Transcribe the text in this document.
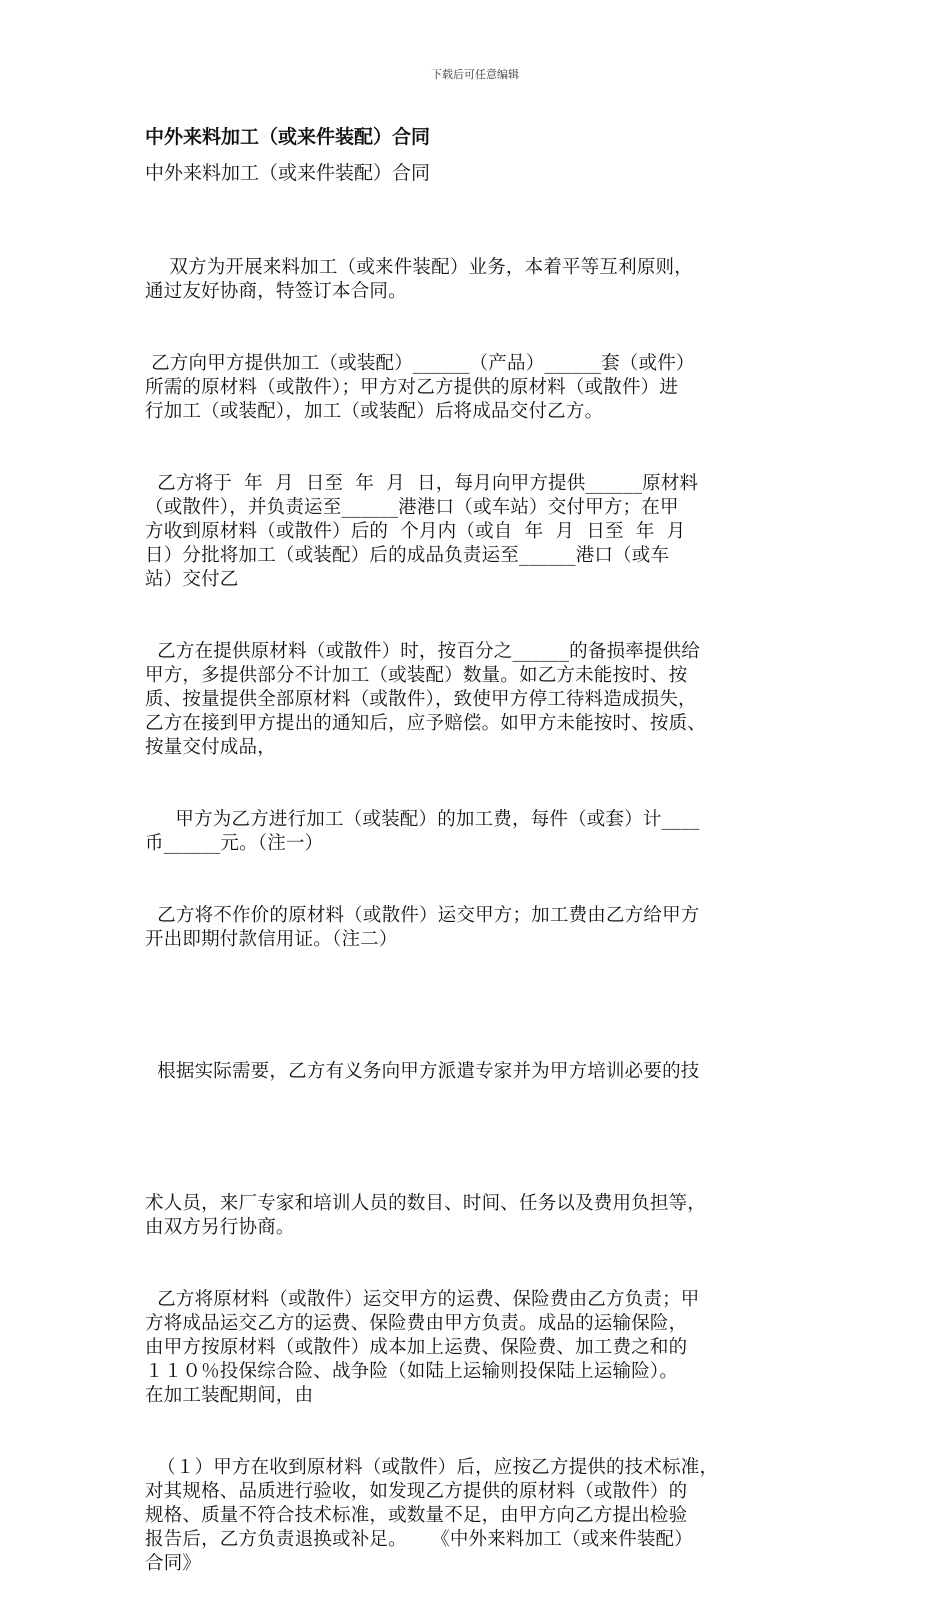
下载后可任意编辑
中外来料加工（或来件装配）合同
中外来料加工（或来件装配）合同

双方为开展来料加工（或来件装配）业务，本着平等互利原则，
通过友好协商，特签订本合同。

乙方向甲方提供加工（或装配）______（产品）______套（或件）
所需的原材料（或散件）；甲方对乙方提供的原材料（或散件）进
行加工（或装配），加工（或装配）后将成品交付乙方。

乙方将于  年  月  日至  年  月  日，每月向甲方提供______原材料
（或散件），并负责运至______港港口（或车站）交付甲方；在甲
方收到原材料（或散件）后的  个月内（或自  年  月  日至  年  月
日）分批将加工（或装配）后的成品负责运至______港口（或车
站）交付乙

乙方在提供原材料（或散件）时，按百分之______的备损率提供给
甲方，多提供部分不计加工（或装配）数量。如乙方未能按时、按
质、按量提供全部原材料（或散件），致使甲方停工待料造成损失，
乙方在接到甲方提出的通知后，应予赔偿。如甲方未能按时、按质、
按量交付成品，

甲方为乙方进行加工（或装配）的加工费，每件（或套）计____
币______元。（注一）

乙方将不作价的原材料（或散件）运交甲方；加工费由乙方给甲方
开出即期付款信用证。（注二）

根据实际需要，乙方有义务向甲方派遣专家并为甲方培训必要的技

术人员，来厂专家和培训人员的数目、时间、任务以及费用负担等，
由双方另行协商。

乙方将原材料（或散件）运交甲方的运费、保险费由乙方负责；甲
方将成品运交乙方的运费、保险费由甲方负责。成品的运输保险，
由甲方按原材料（或散件）成本加上运费、保险费、加工费之和的
１１０％投保综合险、战争险（如陆上运输则投保陆上运输险）。
在加工装配期间，由

（１）甲方在收到原材料（或散件）后，应按乙方提供的技术标准，
对其规格、品质进行验收，如发现乙方提供的原材料（或散件）的
规格、质量不符合技术标准，或数量不足，由甲方向乙方提出检验
报告后，乙方负责退换或补足。    《中外来料加工（或来件装配）
合同》
